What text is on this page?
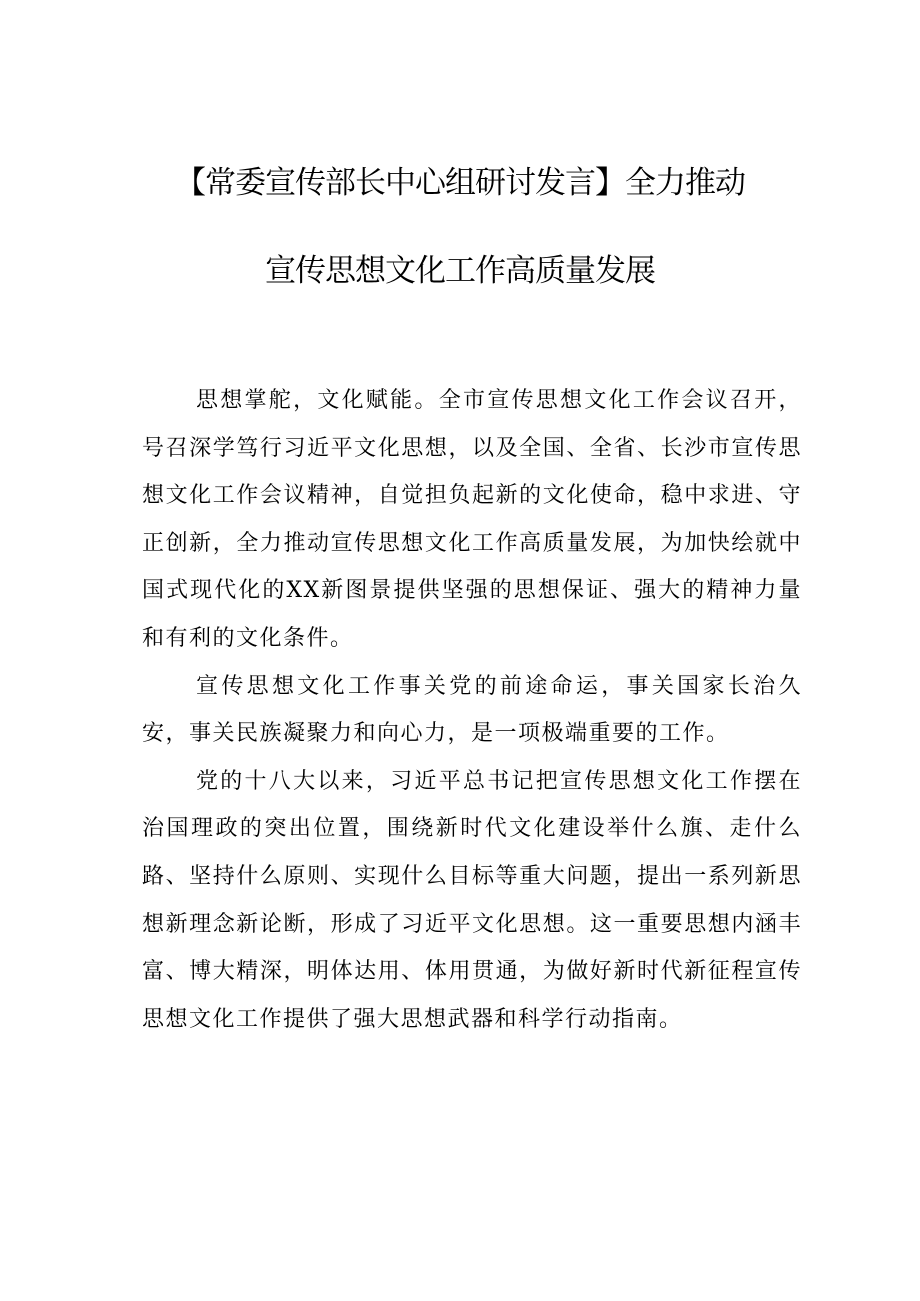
【常委宣传部长中心组研讨发言】全力推动

宣传思想文化工作高质量发展

思想掌舵，文化赋能。全市宣传思想文化工作会议召开，号召深学笃行习近平文化思想，以及全国、全省、长沙市宣传思想文化工作会议精神，自觉担负起新的文化使命，稳中求进、守正创新，全力推动宣传思想文化工作高质量发展，为加快绘就中国式现代化的XX新图景提供坚强的思想保证、强大的精神力量和有利的文化条件。

宣传思想文化工作事关党的前途命运，事关国家长治久安，事关民族凝聚力和向心力，是一项极端重要的工作。

党的十八大以来，习近平总书记把宣传思想文化工作摆在治国理政的突出位置，围绕新时代文化建设举什么旗、走什么路、坚持什么原则、实现什么目标等重大问题，提出一系列新思想新理念新论断，形成了习近平文化思想。这一重要思想内涵丰富、博大精深，明体达用、体用贯通，为做好新时代新征程宣传思想文化工作提供了强大思想武器和科学行动指南。
